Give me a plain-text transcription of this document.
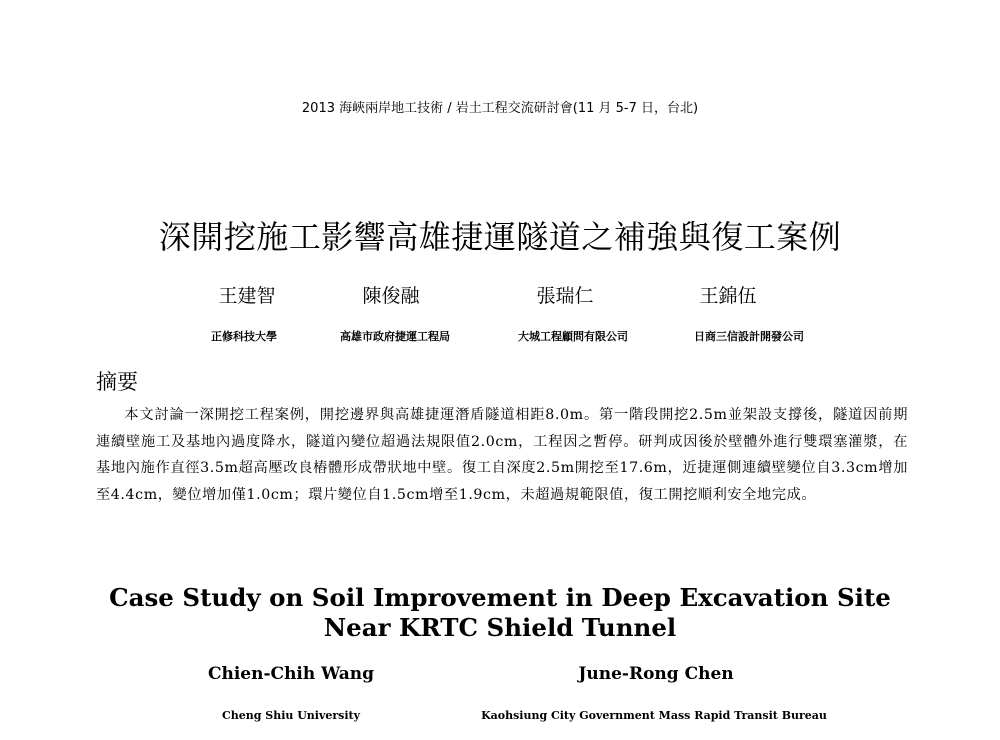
2013 海峽兩岸地工技術 / 岩土工程交流研討會(11 月 5-7 日，台北)
深開挖施工影響高雄捷運隧道之補強與復工案例
王建智	陳俊融	張瑞仁	王錦伍
正修科技大學	高雄市政府捷運工程局	大城工程顧問有限公司	日商三信設計開發公司
摘要
本文討論一深開挖工程案例，開挖邊界與高雄捷運潛盾隧道相距8.0m。第一階段開挖2.5m並架設支撐後，隧道因前期連續壁施工及基地內過度降水，隧道內變位超過法規限值2.0cm，工程因之暫停。研判成因後於壁體外進行雙環塞灌漿，在基地內施作直徑3.5m超高壓改良樁體形成帶狀地中壁。復工自深度2.5m開挖至17.6m，近捷運側連續壁變位自3.3cm增加至4.4cm，變位增加僅1.0cm；環片變位自1.5cm增至1.9cm，未超過規範限值，復工開挖順利安全地完成。
Case Study on Soil Improvement in Deep Excavation Site
Near KRTC Shield Tunnel
Chien-Chih Wang	June-Rong Chen
Cheng Shiu University	Kaohsiung City Government Mass Rapid Transit Bureau
